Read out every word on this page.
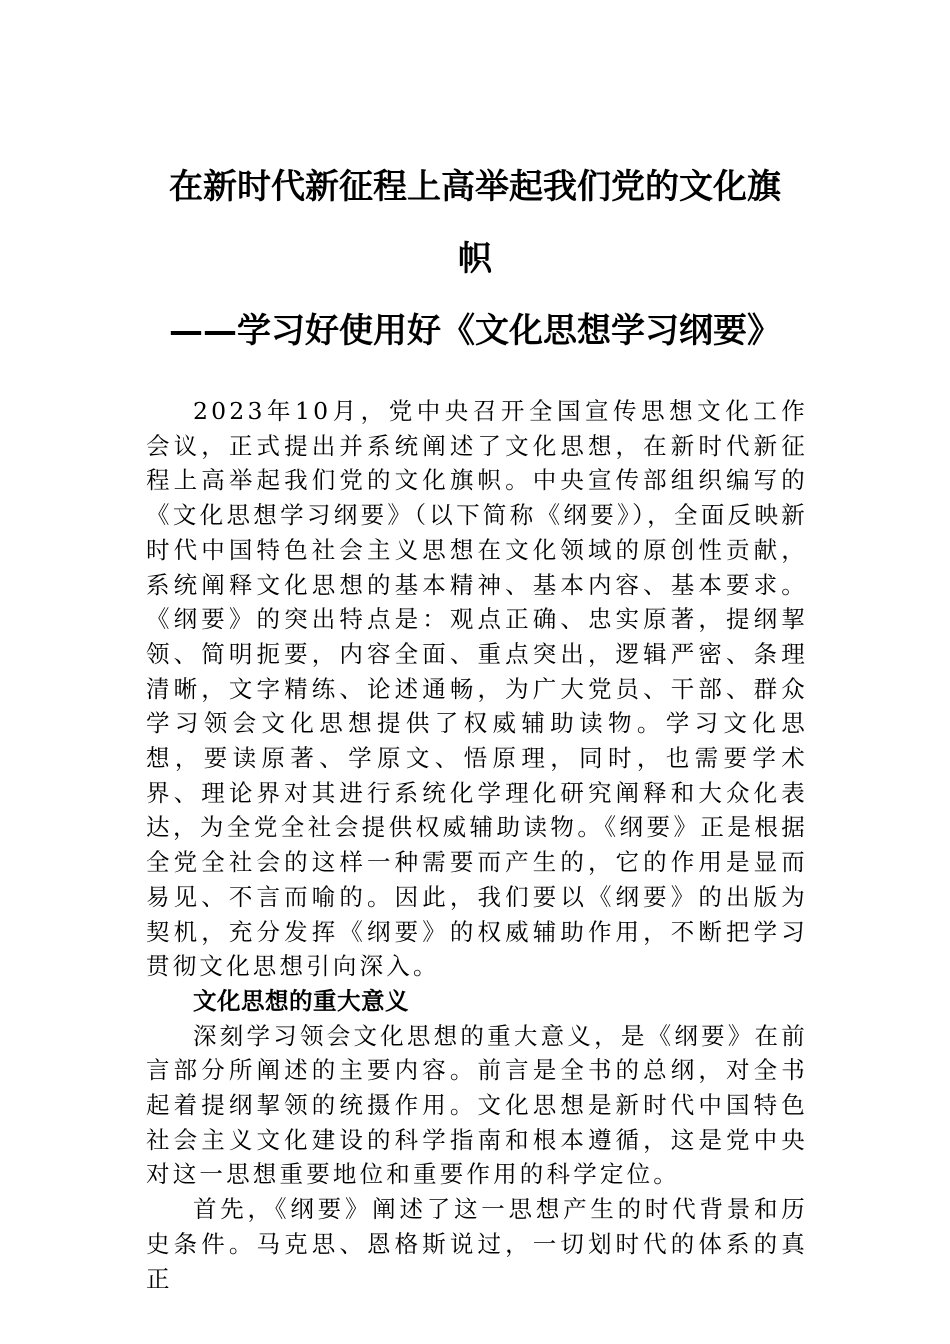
在新时代新征程上高举起我们党的文化旗
帜
——学习好使用好《文化思想学习纲要》

2023年10月，党中央召开全国宣传思想文化工作会议，正式提出并系统阐述了文化思想，在新时代新征程上高举起我们党的文化旗帜。中央宣传部组织编写的《文化思想学习纲要》（以下简称《纲要》），全面反映新时代中国特色社会主义思想在文化领域的原创性贡献，系统阐释文化思想的基本精神、基本内容、基本要求。《纲要》的突出特点是：观点正确、忠实原著，提纲挈领、简明扼要，内容全面、重点突出，逻辑严密、条理清晰，文字精练、论述通畅，为广大党员、干部、群众学习领会文化思想提供了权威辅助读物。学习文化思想，要读原著、学原文、悟原理，同时，也需要学术界、理论界对其进行系统化学理化研究阐释和大众化表达，为全党全社会提供权威辅助读物。《纲要》正是根据全党全社会的这样一种需要而产生的，它的作用是显而易见、不言而喻的。因此，我们要以《纲要》的出版为契机，充分发挥《纲要》的权威辅助作用，不断把学习贯彻文化思想引向深入。

文化思想的重大意义

深刻学习领会文化思想的重大意义，是《纲要》在前言部分所阐述的主要内容。前言是全书的总纲，对全书起着提纲挈领的统摄作用。文化思想是新时代中国特色社会主义文化建设的科学指南和根本遵循，这是党中央对这一思想重要地位和重要作用的科学定位。

首先，《纲要》阐述了这一思想产生的时代背景和历史条件。马克思、恩格斯说过，一切划时代的体系的真正
